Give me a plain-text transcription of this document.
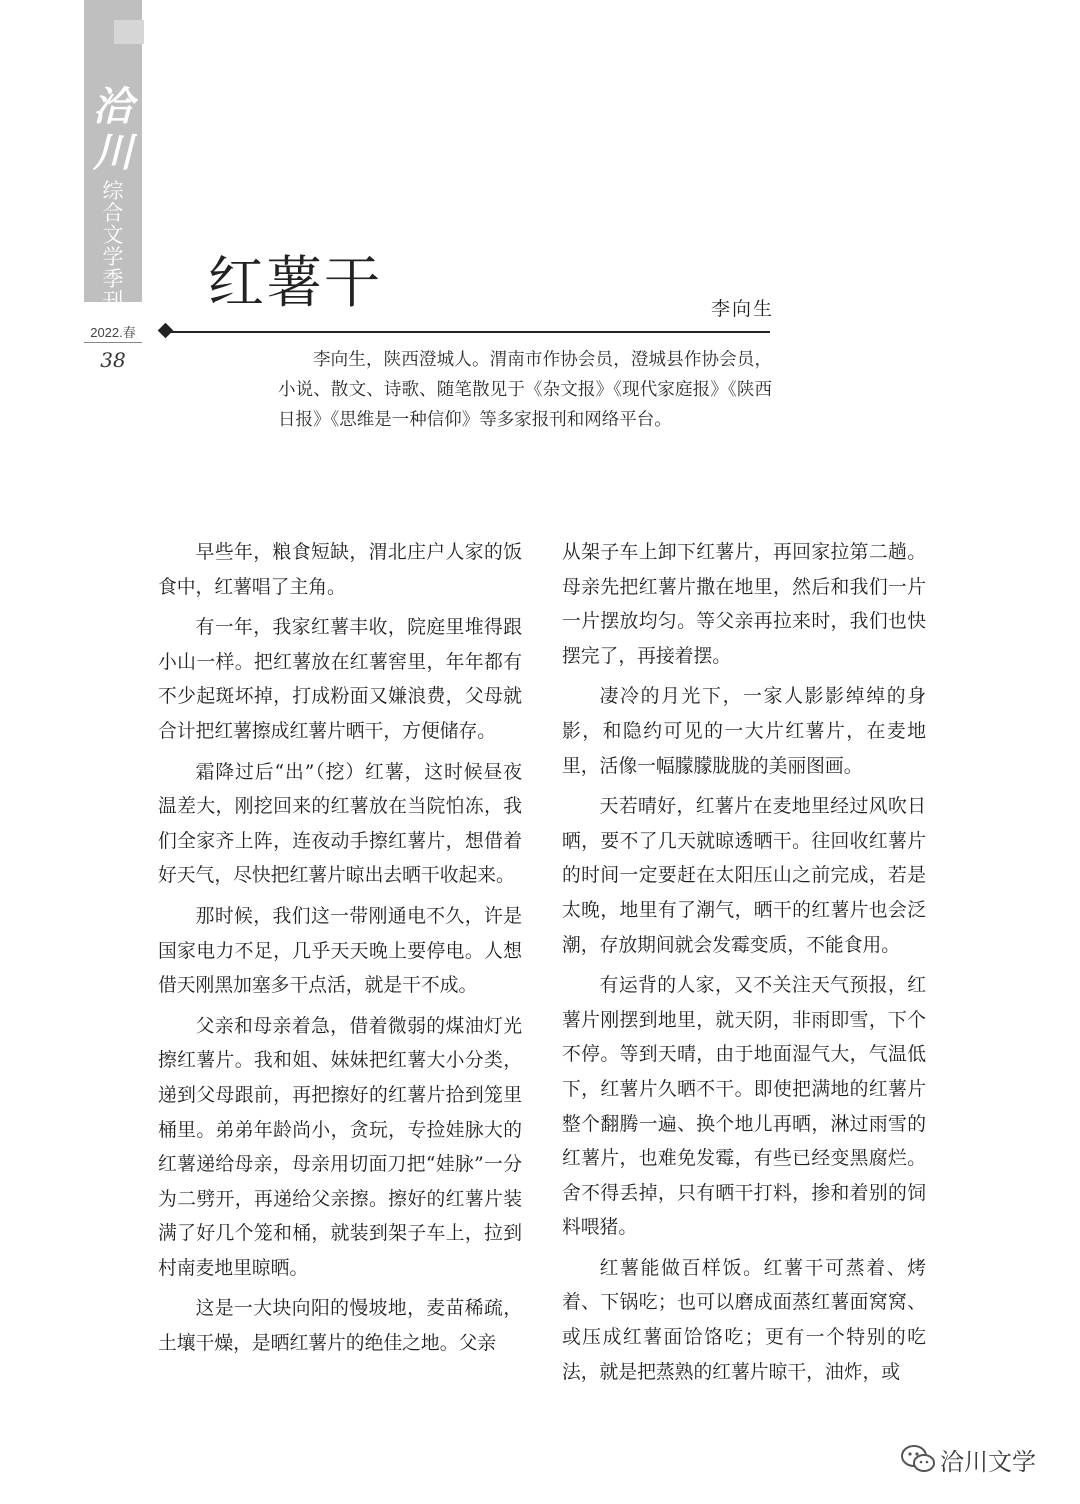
洽
川
综
合
文
学
季
刊
2022.春
38
红薯干	李向生
李向生，陕西澄城人。渭南市作协会员，澄城县作协会员，小说、散文、诗歌、随笔散见于《杂文报》《现代家庭报》《陕西日报》《思维是一种信仰》等多家报刊和网络平台。

早些年，粮食短缺，渭北庄户人家的饭食中，红薯唱了主角。

有一年，我家红薯丰收，院庭里堆得跟小山一样。把红薯放在红薯窖里，年年都有不少起斑坏掉，打成粉面又嫌浪费，父母就合计把红薯擦成红薯片晒干，方便储存。

霜降过后“出”（挖）红薯，这时候昼夜温差大，刚挖回来的红薯放在当院怕冻，我们全家齐上阵，连夜动手擦红薯片，想借着好天气，尽快把红薯片晾出去晒干收起来。

那时候，我们这一带刚通电不久，许是国家电力不足，几乎天天晚上要停电。人想借天刚黑加塞多干点活，就是干不成。

父亲和母亲着急，借着微弱的煤油灯光擦红薯片。我和姐、妹妹把红薯大小分类，递到父母跟前，再把擦好的红薯片拾到笼里桶里。弟弟年龄尚小，贪玩，专捡娃脉大的红薯递给母亲，母亲用切面刀把“娃脉”一分为二劈开，再递给父亲擦。擦好的红薯片装满了好几个笼和桶，就装到架子车上，拉到村南麦地里晾晒。

这是一大块向阳的慢坡地，麦苗稀疏，土壤干燥，是晒红薯片的绝佳之地。父亲

从架子车上卸下红薯片，再回家拉第二趟。母亲先把红薯片撒在地里，然后和我们一片一片摆放均匀。等父亲再拉来时，我们也快摆完了，再接着摆。

凄冷的月光下，一家人影影绰绰的身影，和隐约可见的一大片红薯片，在麦地里，活像一幅朦朦胧胧的美丽图画。

天若晴好，红薯片在麦地里经过风吹日晒，要不了几天就晾透晒干。往回收红薯片的时间一定要赶在太阳压山之前完成，若是太晚，地里有了潮气，晒干的红薯片也会泛潮，存放期间就会发霉变质，不能食用。

有运背的人家，又不关注天气预报，红薯片刚摆到地里，就天阴，非雨即雪，下个不停。等到天晴，由于地面湿气大，气温低下，红薯片久晒不干。即使把满地的红薯片整个翻腾一遍、换个地儿再晒，淋过雨雪的红薯片，也难免发霉，有些已经变黑腐烂。舍不得丢掉，只有晒干打料，掺和着别的饲料喂猪。

红薯能做百样饭。红薯干可蒸着、烤着、下锅吃；也可以磨成面蒸红薯面窝窝、或压成红薯面饸饹吃；更有一个特别的吃法，就是把蒸熟的红薯片晾干，油炸，或

洽川文学
